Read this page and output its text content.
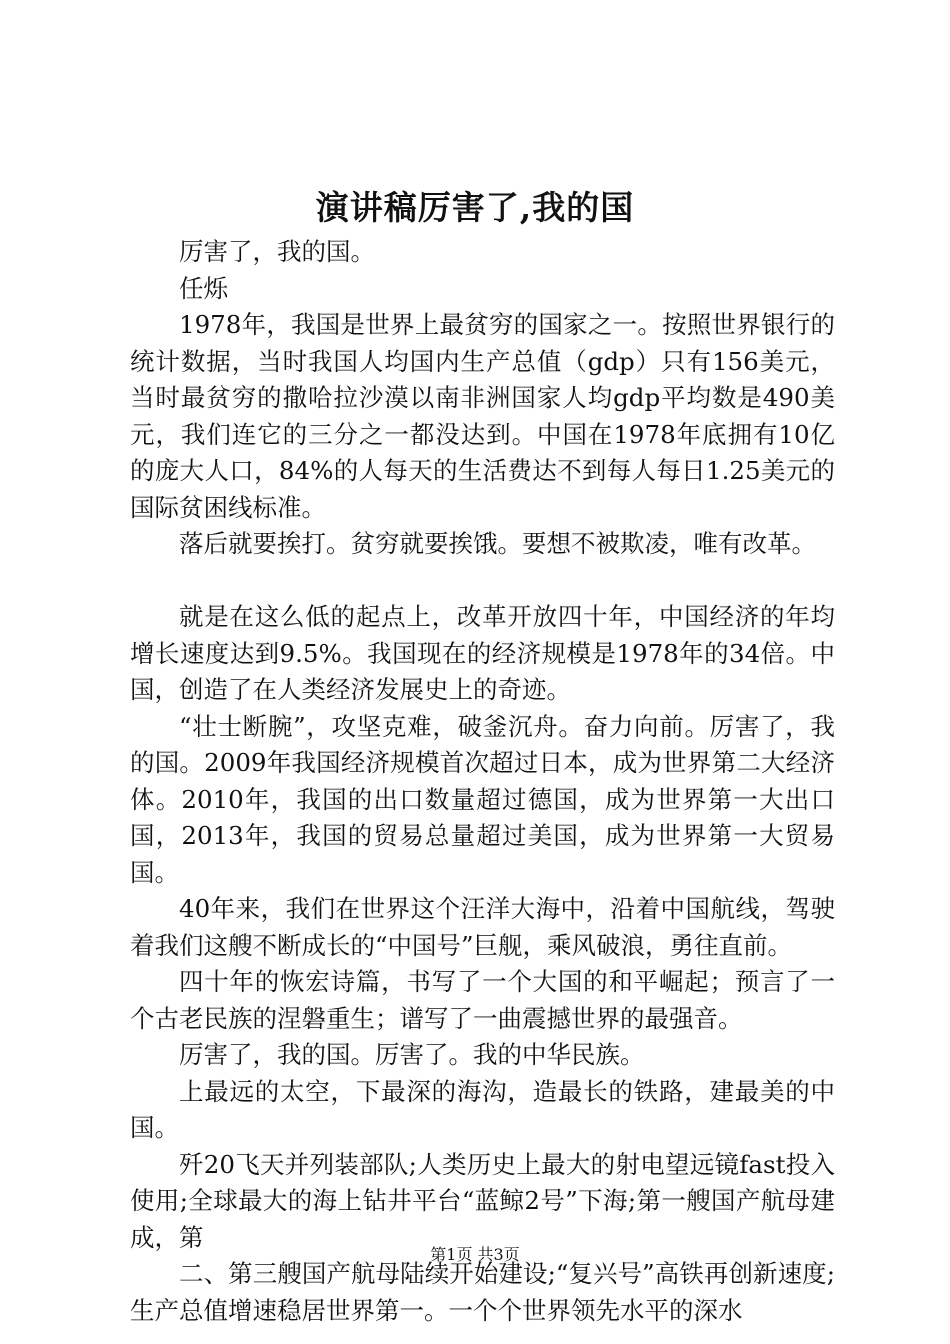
演讲稿厉害了,我的国

厉害了，我的国。

任烁

1978年，我国是世界上最贫穷的国家之一。按照世界银行的统计数据，当时我国人均国内生产总值（gdp）只有156美元，当时最贫穷的撒哈拉沙漠以南非洲国家人均gdp平均数是490美元，我们连它的三分之一都没达到。中国在1978年底拥有10亿的庞大人口，84%的人每天的生活费达不到每人每日1.25美元的国际贫困线标准。

落后就要挨打。贫穷就要挨饿。要想不被欺凌，唯有改革。

就是在这么低的起点上，改革开放四十年，中国经济的年均增长速度达到9.5%。我国现在的经济规模是1978年的34倍。中国，创造了在人类经济发展史上的奇迹。

“壮士断腕”，攻坚克难，破釜沉舟。奋力向前。厉害了，我的国。2009年我国经济规模首次超过日本，成为世界第二大经济体。2010年，我国的出口数量超过德国，成为世界第一大出口国，2013年，我国的贸易总量超过美国，成为世界第一大贸易国。

40年来，我们在世界这个汪洋大海中，沿着中国航线，驾驶着我们这艘不断成长的“中国号”巨舰，乘风破浪，勇往直前。

四十年的恢宏诗篇，书写了一个大国的和平崛起；预言了一个古老民族的涅磐重生；谱写了一曲震撼世界的最强音。

厉害了，我的国。厉害了。我的中华民族。

上最远的太空，下最深的海沟，造最长的铁路，建最美的中国。

歼20飞天并列装部队;人类历史上最大的射电望远镜fast投入使用;全球最大的海上钻井平台“蓝鲸2号”下海;第一艘国产航母建成，第

二、第三艘国产航母陆续开始建设;“复兴号”高铁再创新速度;生产总值增速稳居世界第一。一个个世界领先水平的深水

第1页 共3页
